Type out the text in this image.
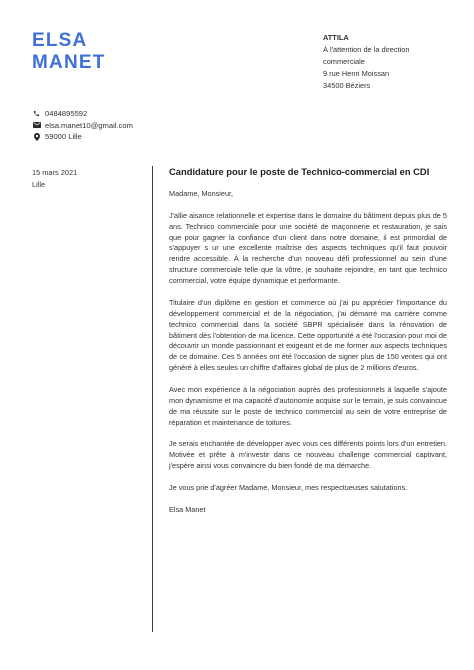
ELSA
MANET
ATTILA
À l'attention de la direction
commerciale
9 rue Henri Moissan
34500 Béziers
0484895592
elsa.manet10@gmail.com
59000 Lille
15 mars 2021
Lille
Candidature pour le poste de Technico-commercial en CDI

Madame, Monsieur,

J'allie aisance relationnelle et expertise dans le domaine du bâtiment depuis plus de 5 ans. Technico commerciale pour une société de maçonnerie et restauration, je sais que pour gagner la confiance d'un client dans notre domaine, il est primordial de s'appuyer s ur une excellente maîtrise des aspects techniques qu'il faut pouvoir rendre accessible. À la recherche d'un nouveau défi professionnel au sein d'une structure commerciale telle que la vôtre, je souhaite rejoindre, en tant que technico commercial, votre équipe dynamique et performante.

Titulaire d'un diplôme en gestion et commerce où j'ai pu apprécier l'importance du développement commercial et de la négociation, j'ai démarré ma carrière comme technico commercial dans la société SBPR spécialisée dans la rénovation de bâtiment dès l'obtention de ma licence. Cette opportunité a été l'occasion pour moi de découvrir un monde passionnant et exigeant et de me former aux aspects techniques de ce domaine. Ces 5 années ont été l'occasion de signer plus de 150 ventes qui ont généré à elles seules un chiffre d'affaires global de plus de 2 millions d'euros.

Avec mon expérience à la négociation auprès des professionnels à laquelle s'ajoute mon dynamisme et ma capacité d'autonomie acquise sur le terrain, je suis convaincue de ma réussite sur le poste de technico commercial au sein de votre entreprise de réparation et maintenance de toitures.

Je serais enchantée de développer avec vous ces différents points lors d'un entretien. Motivée et prête à m'investir dans ce nouveau challenge commercial captivant, j'espère ainsi vous convaincre du bien fondé de ma démarche.

Je vous prie d'agréer Madame, Monsieur, mes respectueuses salutations.

Elsa Manet
